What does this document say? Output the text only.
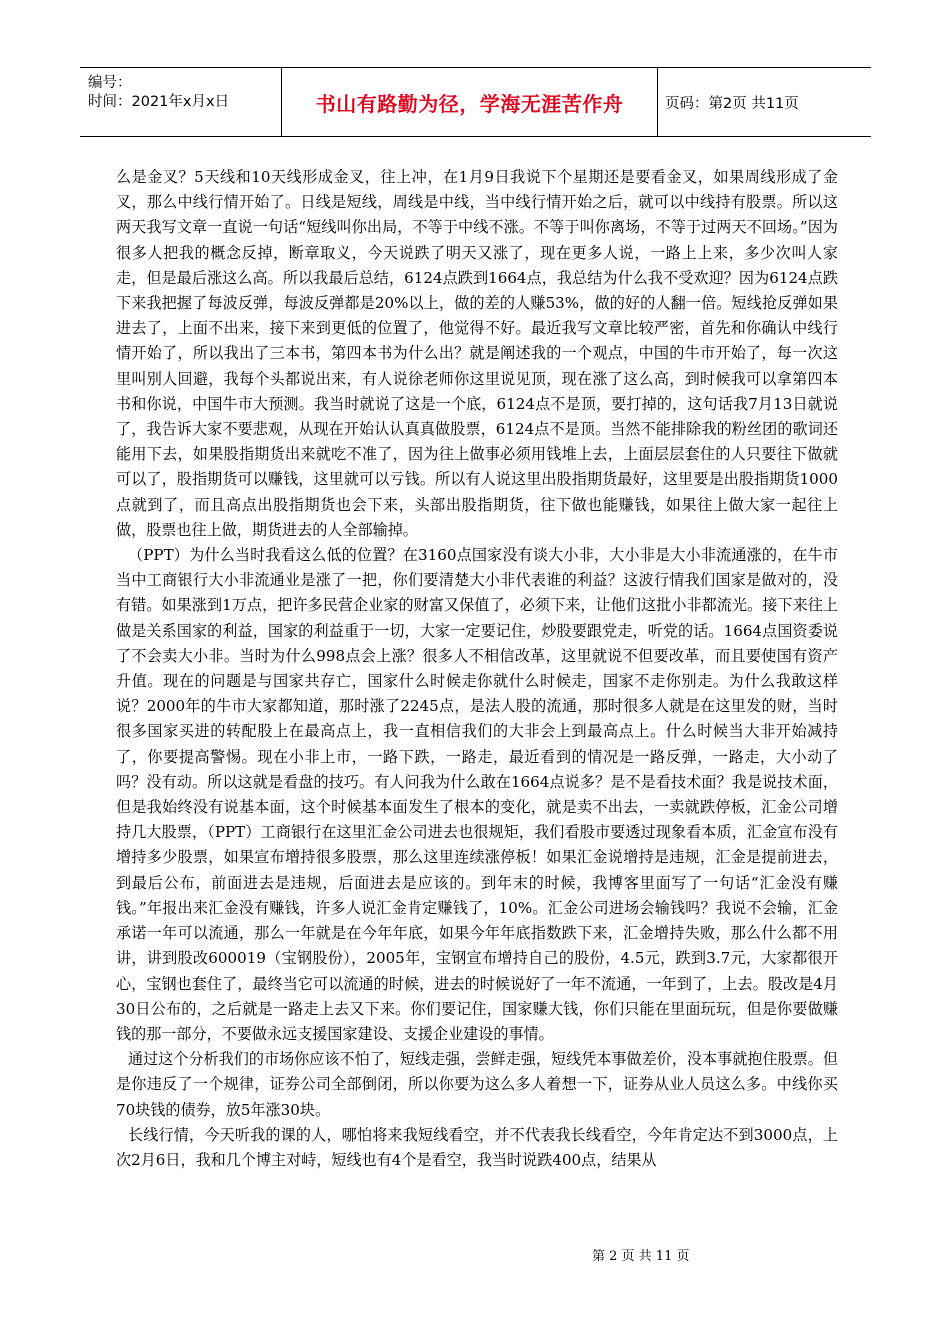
编号：
时间：2021年x月x日	书山有路勤为径，学海无涯苦作舟	页码：第2页 共11页

么是金叉？5天线和10天线形成金叉，往上冲，在1月9日我说下个星期还是要看金叉，如果周线形成了金叉，那么中线行情开始了。日线是短线，周线是中线，当中线行情开始之后，就可以中线持有股票。所以这两天我写文章一直说一句话“短线叫你出局，不等于中线不涨。不等于叫你离场，不等于过两天不回场。”因为很多人把我的概念反掉，断章取义，今天说跌了明天又涨了，现在更多人说，一路上上来，多少次叫人家走，但是最后涨这么高。所以我最后总结，6124点跌到1664点，我总结为什么我不受欢迎？因为6124点跌下来我把握了每波反弹，每波反弹都是20%以上，做的差的人赚53%，做的好的人翻一倍。短线抢反弹如果进去了，上面不出来，接下来到更低的位置了，他觉得不好。最近我写文章比较严密，首先和你确认中线行情开始了，所以我出了三本书，第四本书为什么出？就是阐述我的一个观点，中国的牛市开始了，每一次这里叫别人回避，我每个头都说出来，有人说徐老师你这里说见顶，现在涨了这么高，到时候我可以拿第四本书和你说，中国牛市大预测。我当时就说了这是一个底，6124点不是顶，要打掉的，这句话我7月13日就说了，我告诉大家不要悲观，从现在开始认认真真做股票，6124点不是顶。当然不能排除我的粉丝团的歌词还能用下去，如果股指期货出来就吃不准了，因为往上做事必须用钱堆上去，上面层层套住的人只要往下做就可以了，股指期货可以赚钱，这里就可以亏钱。所以有人说这里出股指期货最好，这里要是出股指期货1000点就到了，而且高点出股指期货也会下来，头部出股指期货，往下做也能赚钱，如果往上做大家一起往上做，股票也往上做，期货进去的人全部输掉。

（PPT）为什么当时我看这么低的位置？在3160点国家没有谈大小非，大小非是大小非流通涨的，在牛市当中工商银行大小非流通业是涨了一把，你们要清楚大小非代表谁的利益？这波行情我们国家是做对的，没有错。如果涨到1万点，把许多民营企业家的财富又保值了，必须下来，让他们这批小非都流光。接下来往上做是关系国家的利益，国家的利益重于一切，大家一定要记住，炒股要跟党走，听党的话。1664点国资委说了不会卖大小非。当时为什么998点会上涨？很多人不相信改革，这里就说不但要改革，而且要使国有资产升值。现在的问题是与国家共存亡，国家什么时候走你就什么时候走，国家不走你别走。为什么我敢这样说？2000年的牛市大家都知道，那时涨了2245点，是法人股的流通，那时很多人就是在这里发的财，当时很多国家买进的转配股上在最高点上，我一直相信我们的大非会上到最高点上。什么时候当大非开始减持了，你要提高警惕。现在小非上市，一路下跌，一路走，最近看到的情况是一路反弹，一路走，大小动了吗？没有动。所以这就是看盘的技巧。有人问我为什么敢在1664点说多？是不是看技术面？我是说技术面，但是我始终没有说基本面，这个时候基本面发生了根本的变化，就是卖不出去，一卖就跌停板，汇金公司增持几大股票，（PPT）工商银行在这里汇金公司进去也很规矩，我们看股市要透过现象看本质，汇金宣布没有增持多少股票，如果宣布增持很多股票，那么这里连续涨停板！如果汇金说增持是违规，汇金是提前进去，到最后公布，前面进去是违规，后面进去是应该的。到年末的时候，我博客里面写了一句话“汇金没有赚钱。”年报出来汇金没有赚钱，许多人说汇金肯定赚钱了，10%。汇金公司进场会输钱吗？我说不会输，汇金承诺一年可以流通，那么一年就是在今年年底，如果今年年底指数跌下来，汇金增持失败，那么什么都不用讲，讲到股改600019（宝钢股份），2005年，宝钢宣布增持自己的股份，4.5元，跌到3.7元，大家都很开心，宝钢也套住了，最终当它可以流通的时候，进去的时候说好了一年不流通，一年到了，上去。股改是4月30日公布的，之后就是一路走上去又下来。你们要记住，国家赚大钱，你们只能在里面玩玩，但是你要做赚钱的那一部分，不要做永远支援国家建设、支援企业建设的事情。

通过这个分析我们的市场你应该不怕了，短线走强，尝鲜走强，短线凭本事做差价，没本事就抱住股票。但是你违反了一个规律，证券公司全部倒闭，所以你要为这么多人着想一下，证券从业人员这么多。中线你买70块钱的债券，放5年涨30块。

长线行情，今天听我的课的人，哪怕将来我短线看空，并不代表我长线看空，今年肯定达不到3000点，上次2月6日，我和几个博主对峙，短线也有4个是看空，我当时说跌400点，结果从

第 2 页 共 11 页
